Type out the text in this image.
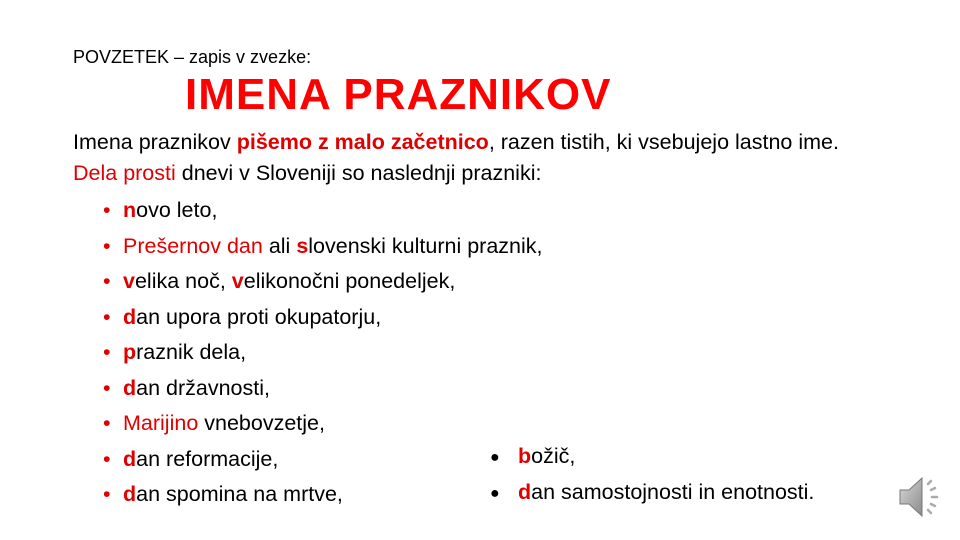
POVZETEK – zapis v zvezke:
IMENA PRAZNIKOV
Imena praznikov pišemo z malo začetnico, razen tistih, ki vsebujejo lastno ime. Dela prosti dnevi v Sloveniji so naslednji prazniki:
• novo leto,
• Prešernov dan ali slovenski kulturni praznik,
• velika noč, velikonočni ponedeljek,
• dan upora proti okupatorju,
• praznik dela,
• dan državnosti,
• Marijino vnebovzetje,
• dan reformacije,
• dan spomina na mrtve,
● božič,
● dan samostojnosti in enotnosti.
